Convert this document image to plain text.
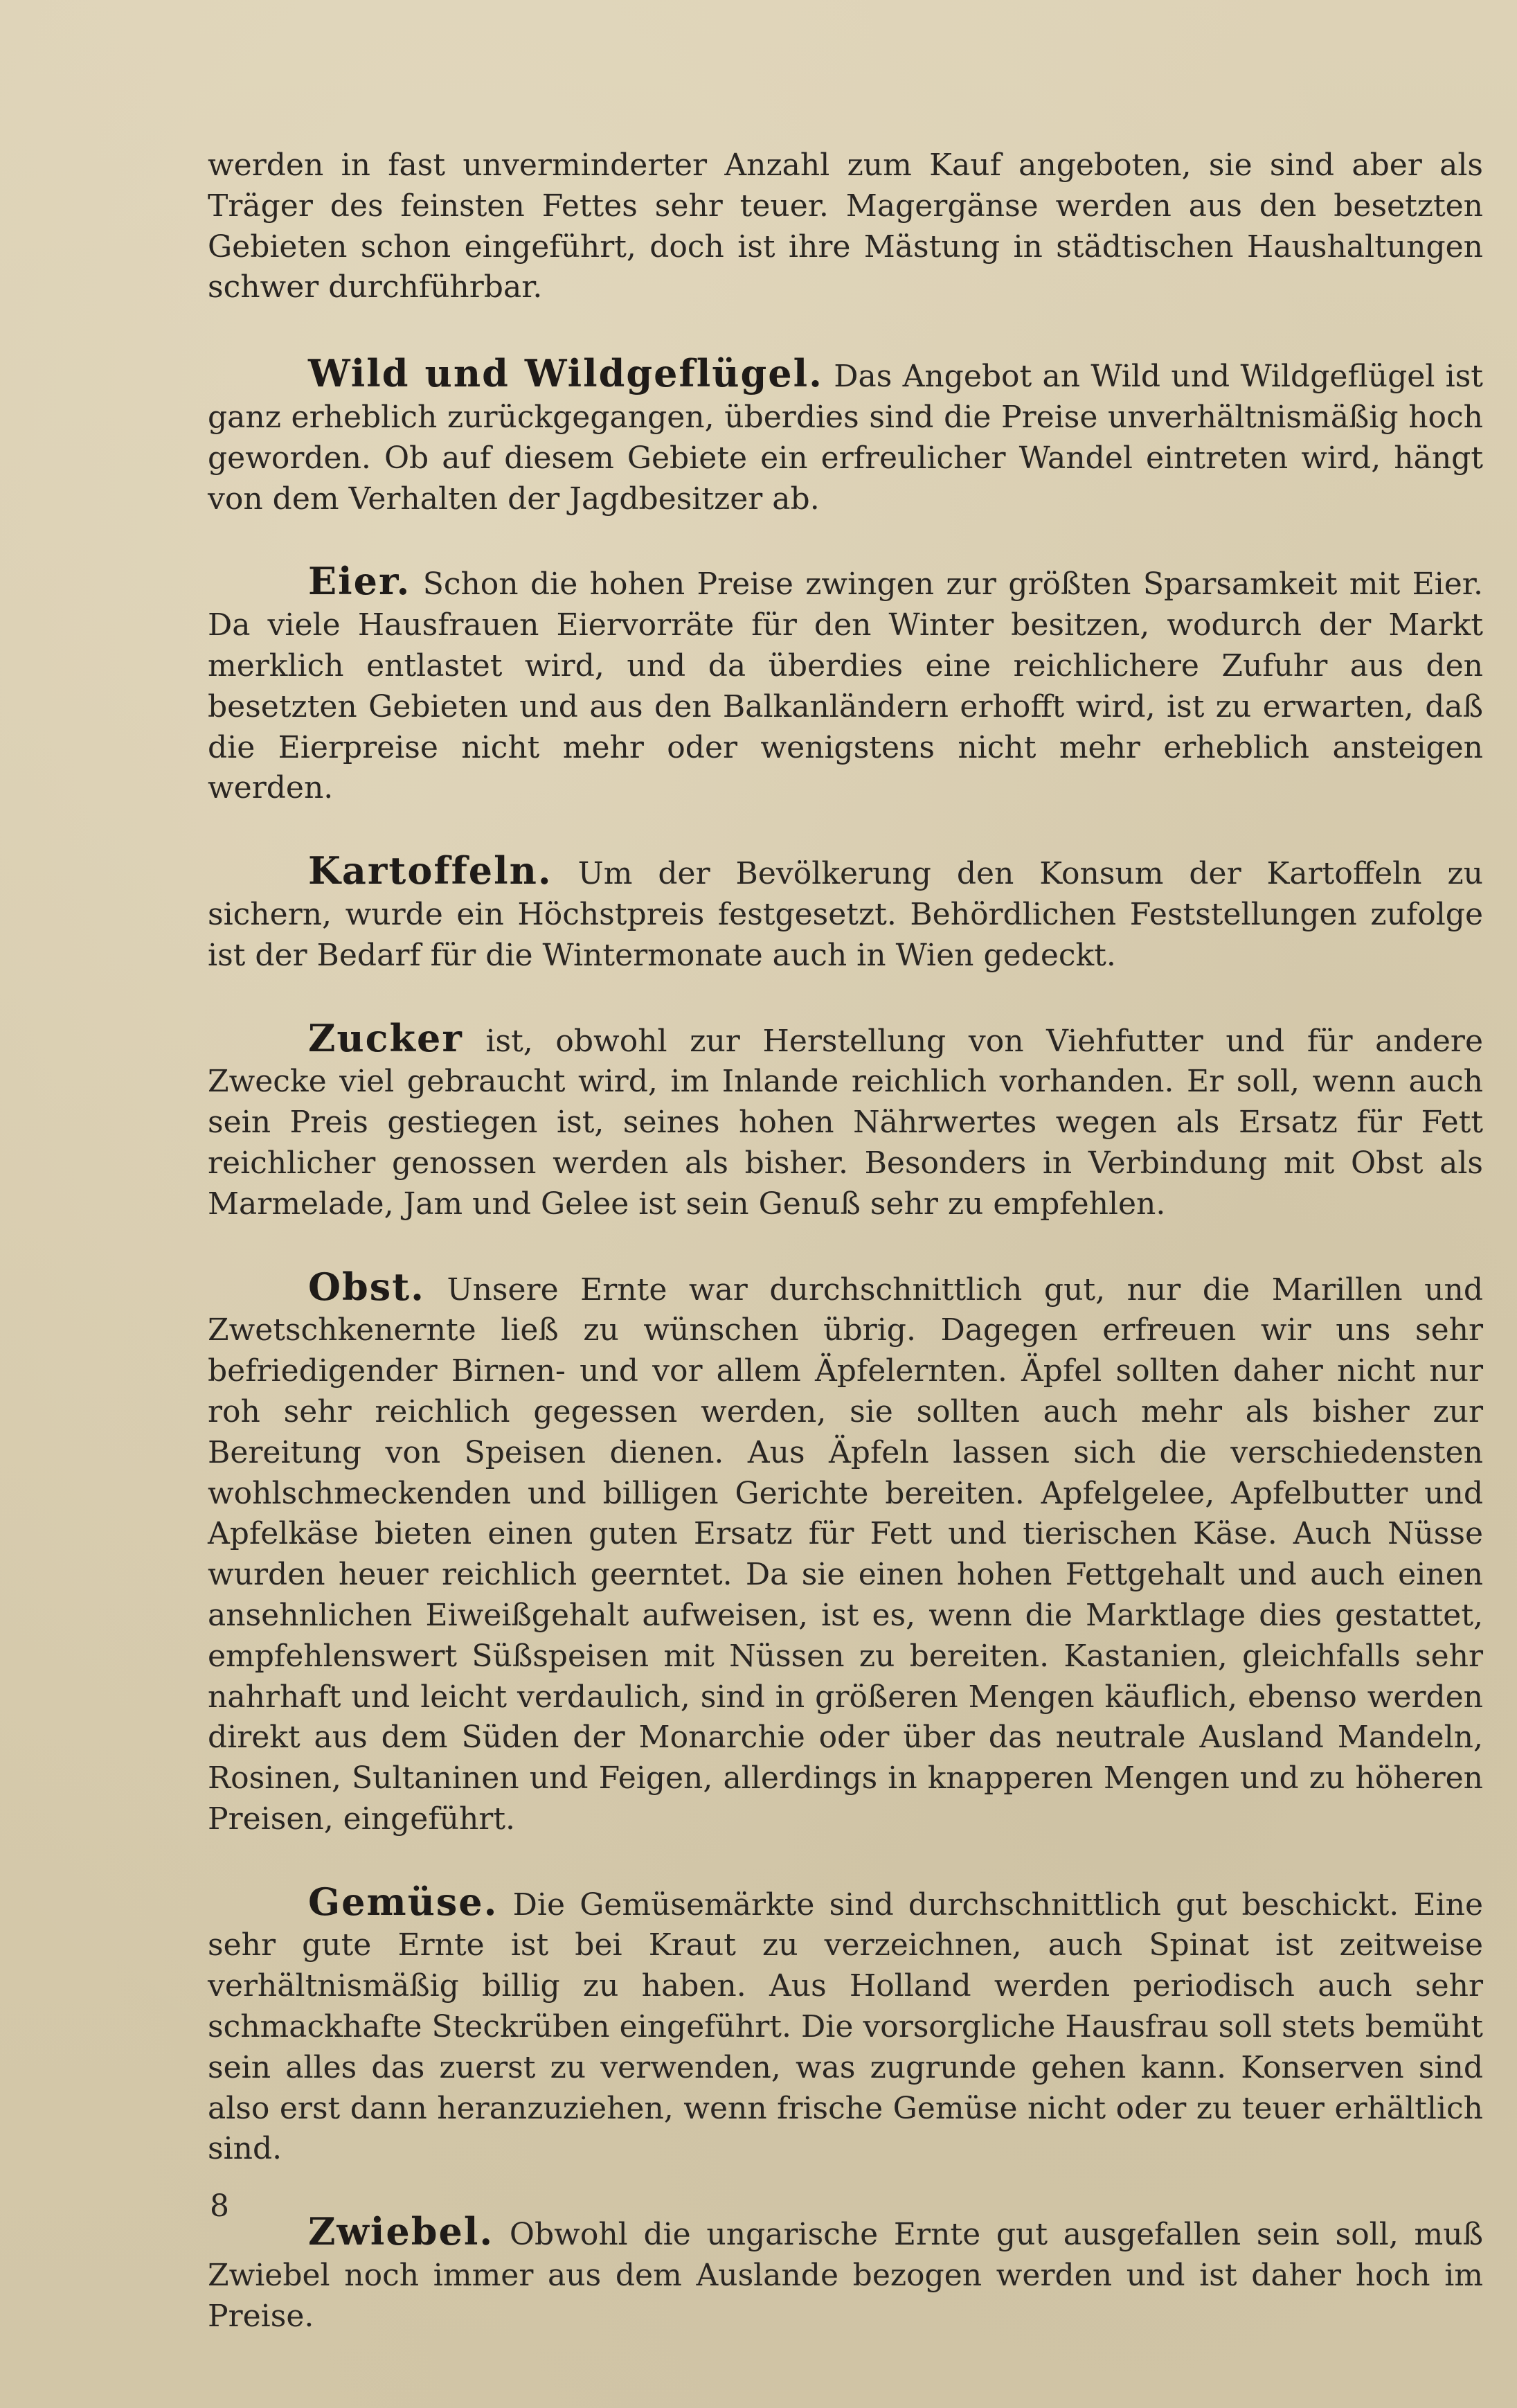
werden in fast unverminderter Anzahl zum Kauf angeboten, sie sind aber als Träger des feinsten Fettes sehr teuer. Magergänse werden aus den besetzten Gebieten schon eingeführt, doch ist ihre Mästung in städtischen Haushaltungen schwer durchführbar.

Wild und Wildgeflügel. Das Angebot an Wild und Wildgeflügel ist ganz erheblich zurückgegangen, überdies sind die Preise unverhältnismäßig hoch geworden. Ob auf diesem Gebiete ein erfreulicher Wandel eintreten wird, hängt von dem Verhalten der Jagdbesitzer ab.

Eier. Schon die hohen Preise zwingen zur größten Sparsamkeit mit Eier. Da viele Hausfrauen Eiervorräte für den Winter besitzen, wodurch der Markt merklich entlastet wird, und da überdies eine reichlichere Zufuhr aus den besetzten Gebieten und aus den Balkanländern erhofft wird, ist zu erwarten, daß die Eierpreise nicht mehr oder wenigstens nicht mehr erheblich ansteigen werden.

Kartoffeln. Um der Bevölkerung den Konsum der Kartoffeln zu sichern, wurde ein Höchstpreis festgesetzt. Behördlichen Feststellungen zufolge ist der Bedarf für die Wintermonate auch in Wien gedeckt.

Zucker ist, obwohl zur Herstellung von Viehfutter und für andere Zwecke viel gebraucht wird, im Inlande reichlich vorhanden. Er soll, wenn auch sein Preis gestiegen ist, seines hohen Nährwertes wegen als Ersatz für Fett reichlicher genossen werden als bisher. Besonders in Verbindung mit Obst als Marmelade, Jam und Gelee ist sein Genuß sehr zu empfehlen.

Obst. Unsere Ernte war durchschnittlich gut, nur die Marillen und Zwetschkenernte ließ zu wünschen übrig. Dagegen erfreuen wir uns sehr befriedigender Birnen- und vor allem Äpfelernten. Äpfel sollten daher nicht nur roh sehr reichlich gegessen werden, sie sollten auch mehr als bisher zur Bereitung von Speisen dienen. Aus Äpfeln lassen sich die verschiedensten wohlschmeckenden und billigen Gerichte bereiten. Apfelgelee, Apfelbutter und Apfelkäse bieten einen guten Ersatz für Fett und tierischen Käse. Auch Nüsse wurden heuer reichlich geerntet. Da sie einen hohen Fettgehalt und auch einen ansehnlichen Eiweißgehalt aufweisen, ist es, wenn die Marktlage dies gestattet, empfehlenswert Süßspeisen mit Nüssen zu bereiten. Kastanien, gleichfalls sehr nahrhaft und leicht verdaulich, sind in größeren Mengen käuflich, ebenso werden direkt aus dem Süden der Monarchie oder über das neutrale Ausland Mandeln, Rosinen, Sultaninen und Feigen, allerdings in knapperen Mengen und zu höheren Preisen, eingeführt.

Gemüse. Die Gemüsemärkte sind durchschnittlich gut beschickt. Eine sehr gute Ernte ist bei Kraut zu verzeichnen, auch Spinat ist zeitweise verhältnismäßig billig zu haben. Aus Holland werden periodisch auch sehr schmackhafte Steckrüben eingeführt. Die vorsorgliche Hausfrau soll stets bemüht sein alles das zuerst zu verwenden, was zugrunde gehen kann. Konserven sind also erst dann heranzuziehen, wenn frische Gemüse nicht oder zu teuer erhältlich sind.

Zwiebel. Obwohl die ungarische Ernte gut ausgefallen sein soll, muß Zwiebel noch immer aus dem Auslande bezogen werden und ist daher hoch im Preise.

8
